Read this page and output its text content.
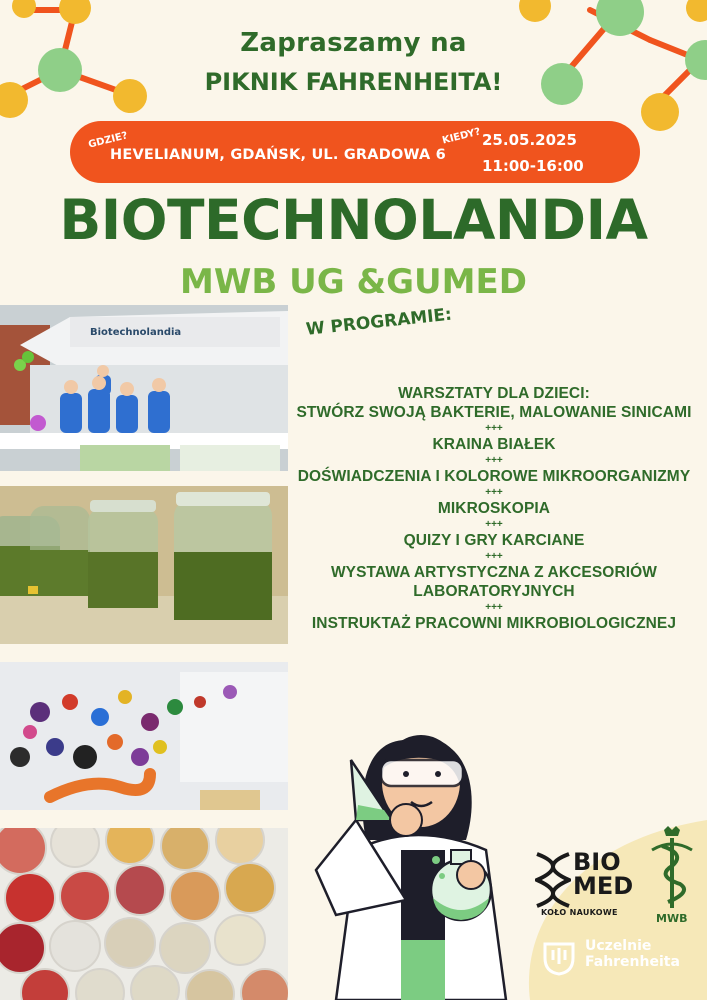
Zapraszamy na
PIKNIK FAHRENHEITA!
GDZIE?
HEVELIANUM, GDAŃSK, UL. GRADOWA 6
KIEDY? 25.05.2025
11:00-16:00
BIOTECHNOLANDIA
MWB UG &GUMED
Biotechnolandia	W PROGRAMIE:
WARSZTATY DLA DZIECI:
STWÓRZ SWOJĄ BAKTERIE, MALOWANIE SINICAMI
+++
KRAINA BIAŁEK
+++
DOŚWIADCZENIA I KOLOROWE MIKROORGANIZMY
+++
MIKROSKOPIA
+++
QUIZY I GRY KARCIANE
+++
WYSTAWA ARTYSTYCZNA Z AKCESORIÓW
LABORATORYJNYCH
+++
INSTRUKTAŻ PRACOWNI MIKROBIOLOGICZNEJ
BIO
MED
KOŁO NAUKOWE	MWB
Uczelnie
Fahrenheita
